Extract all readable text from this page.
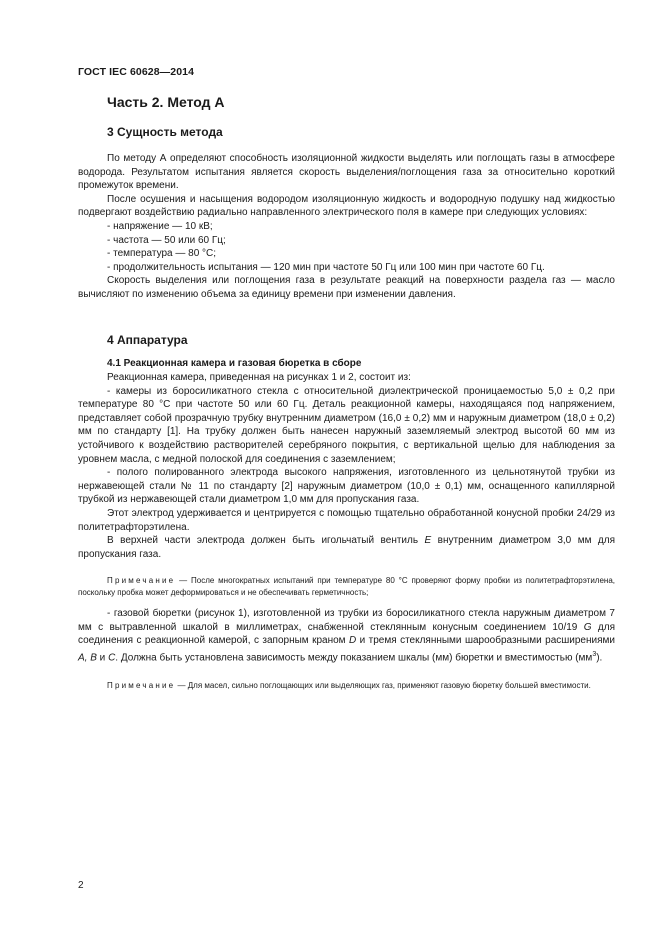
ГОСТ IEC 60628—2014
Часть 2. Метод А
3 Сущность метода

По методу А определяют способность изоляционной жидкости выделять или поглощать газы в атмосфере водорода. Результатом испытания является скорость выделения/поглощения газа за относительно короткий промежуток времени.

После осушения и насыщения водородом изоляционную жидкость и водородную подушку над жидкостью подвергают воздействию радиально направленного электрического поля в камере при следующих условиях:

- напряжение — 10 кВ;

- частота — 50 или 60 Гц;

- температура — 80 °С;

- продолжительность испытания — 120 мин при частоте 50 Гц или 100 мин при частоте 60 Гц.

Скорость выделения или поглощения газа в результате реакций на поверхности раздела газ — масло вычисляют по изменению объема за единицу времени при изменении давления.

4 Аппаратура
4.1 Реакционная камера и газовая бюретка в сборе

Реакционная камера, приведенная на рисунках 1 и 2, состоит из:

- камеры из боросиликатного стекла с относительной диэлектрической проницаемостью 5,0 ± 0,2 при температуре 80 °С при частоте 50 или 60 Гц. Деталь реакционной камеры, находящаяся под напряжением, представляет собой прозрачную трубку внутренним диаметром (16,0 ± 0,2) мм и наружным диаметром (18,0 ± 0,2) мм по стандарту [1]. На трубку должен быть нанесен наружный заземляемый электрод высотой 60 мм из устойчивого к воздействию растворителей серебряного покрытия, с вертикальной щелью для наблюдения за уровнем масла, с медной полоской для соединения с заземлением;

- полого полированного электрода высокого напряжения, изготовленного из цельнотянутой трубки из нержавеющей стали № 11 по стандарту [2] наружным диаметром (10,0 ± 0,1) мм, оснащенного капиллярной трубкой из нержавеющей стали диаметром 1,0 мм для пропускания газа.

Этот электрод удерживается и центрируется с помощью тщательно обработанной конусной пробки 24/29 из политетрафторэтилена.

В верхней части электрода должен быть игольчатый вентиль Е внутренним диаметром 3,0 мм для пропускания газа.

Примечание — После многократных испытаний при температуре 80 °С проверяют форму пробки из политетрафторэтилена, поскольку пробка может деформироваться и не обеспечивать герметичность;

- газовой бюретки (рисунок 1), изготовленной из трубки из боросиликатного стекла наружным диаметром 7 мм с вытравленной шкалой в миллиметрах, снабженной стеклянным конусным соединением 10/19 G для соединения с реакционной камерой, с запорным краном D и тремя стеклянными шарообразными расширениями А, В и С. Должна быть установлена зависимость между показанием шкалы (мм) бюретки и вместимостью $(мм^3)$.

Примечание — Для масел, сильно поглощающих или выделяющих газ, применяют газовую бюретку большей вместимости.

2
